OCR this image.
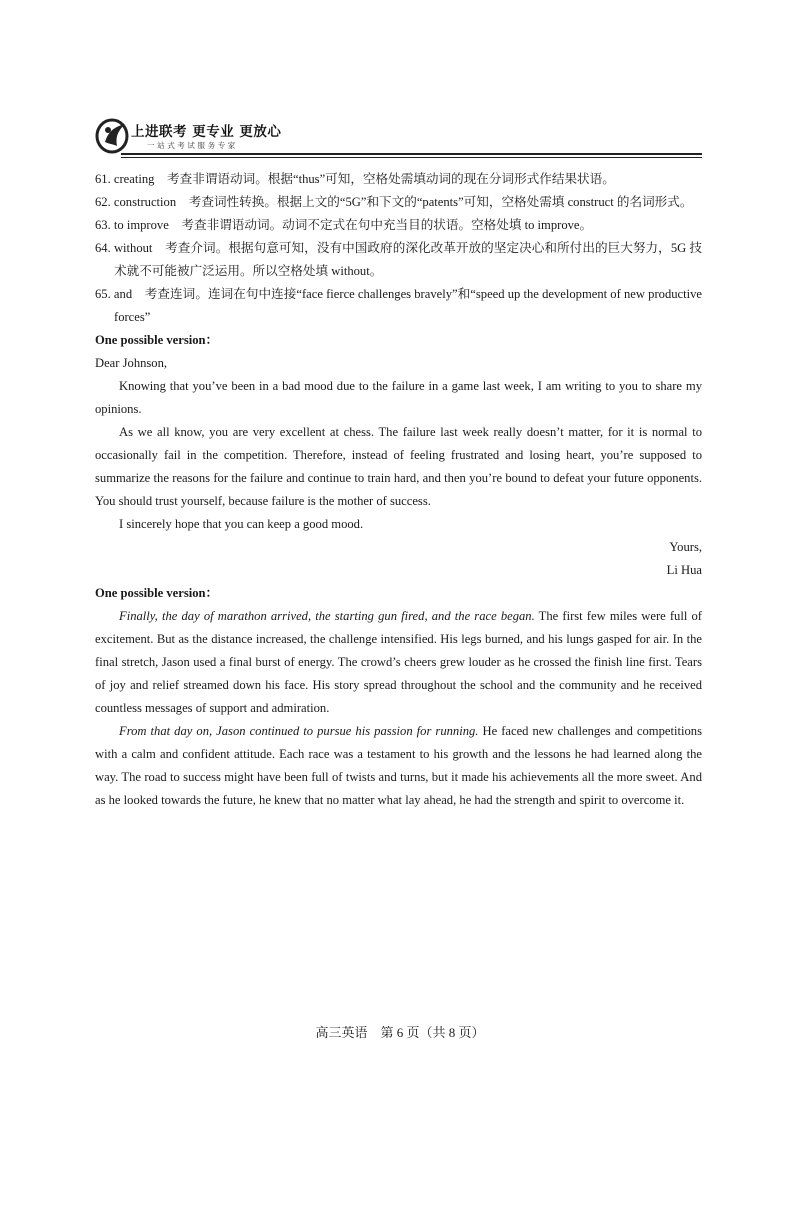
上进联考 更专业 更放心
一站式考试服务专家

61. creating　 考查非谓语动词。根据“thus”可知，空格处需填动词的现在分词形式作结果状语。

62. construction　 考查词性转换。根据上文的“5G”和下文的“patents”可知，空格处需填 construct 的名词形式。

63. to improve　 考查非谓语动词。动词不定式在句中充当目的状语。空格处填 to improve。

64. without　 考查介词。根据句意可知，没有中国政府的深化改革开放的坚定决心和所付出的巨大努力，5G 技术就不可能被广泛运用。所以空格处填 without。

65. and　 考查连词。连词在句中连接“face fierce challenges bravely”和“speed up the development of new productive forces”

One possible version：

Dear Johnson,

Knowing that you’ve been in a bad mood due to the failure in a game last week, I am writing to you to share my opinions.

As we all know, you are very excellent at chess. The failure last week really doesn’t matter, for it is normal to occasionally fail in the competition. Therefore, instead of feeling frustrated and losing heart, you’re supposed to summarize the reasons for the failure and continue to train hard, and then you’re bound to defeat your future opponents. You should trust yourself, because failure is the mother of success.

I sincerely hope that you can keep a good mood.

Yours,

Li Hua

One possible version：

Finally, the day of marathon arrived, the starting gun fired, and the race began. The first few miles were full of excitement. But as the distance increased, the challenge intensified. His legs burned, and his lungs gasped for air. In the final stretch, Jason used a final burst of energy. The crowd’s cheers grew louder as he crossed the finish line first. Tears of joy and relief streamed down his face. His story spread throughout the school and the community and he received countless messages of support and admiration.

From that day on, Jason continued to pursue his passion for running. He faced new challenges and competitions with a calm and confident attitude. Each race was a testament to his growth and the lessons he had learned along the way. The road to success might have been full of twists and turns, but it made his achievements all the more sweet. And as he looked towards the future, he knew that no matter what lay ahead, he had the strength and spirit to overcome it.

高三英语　第 6 页（共 8 页）
